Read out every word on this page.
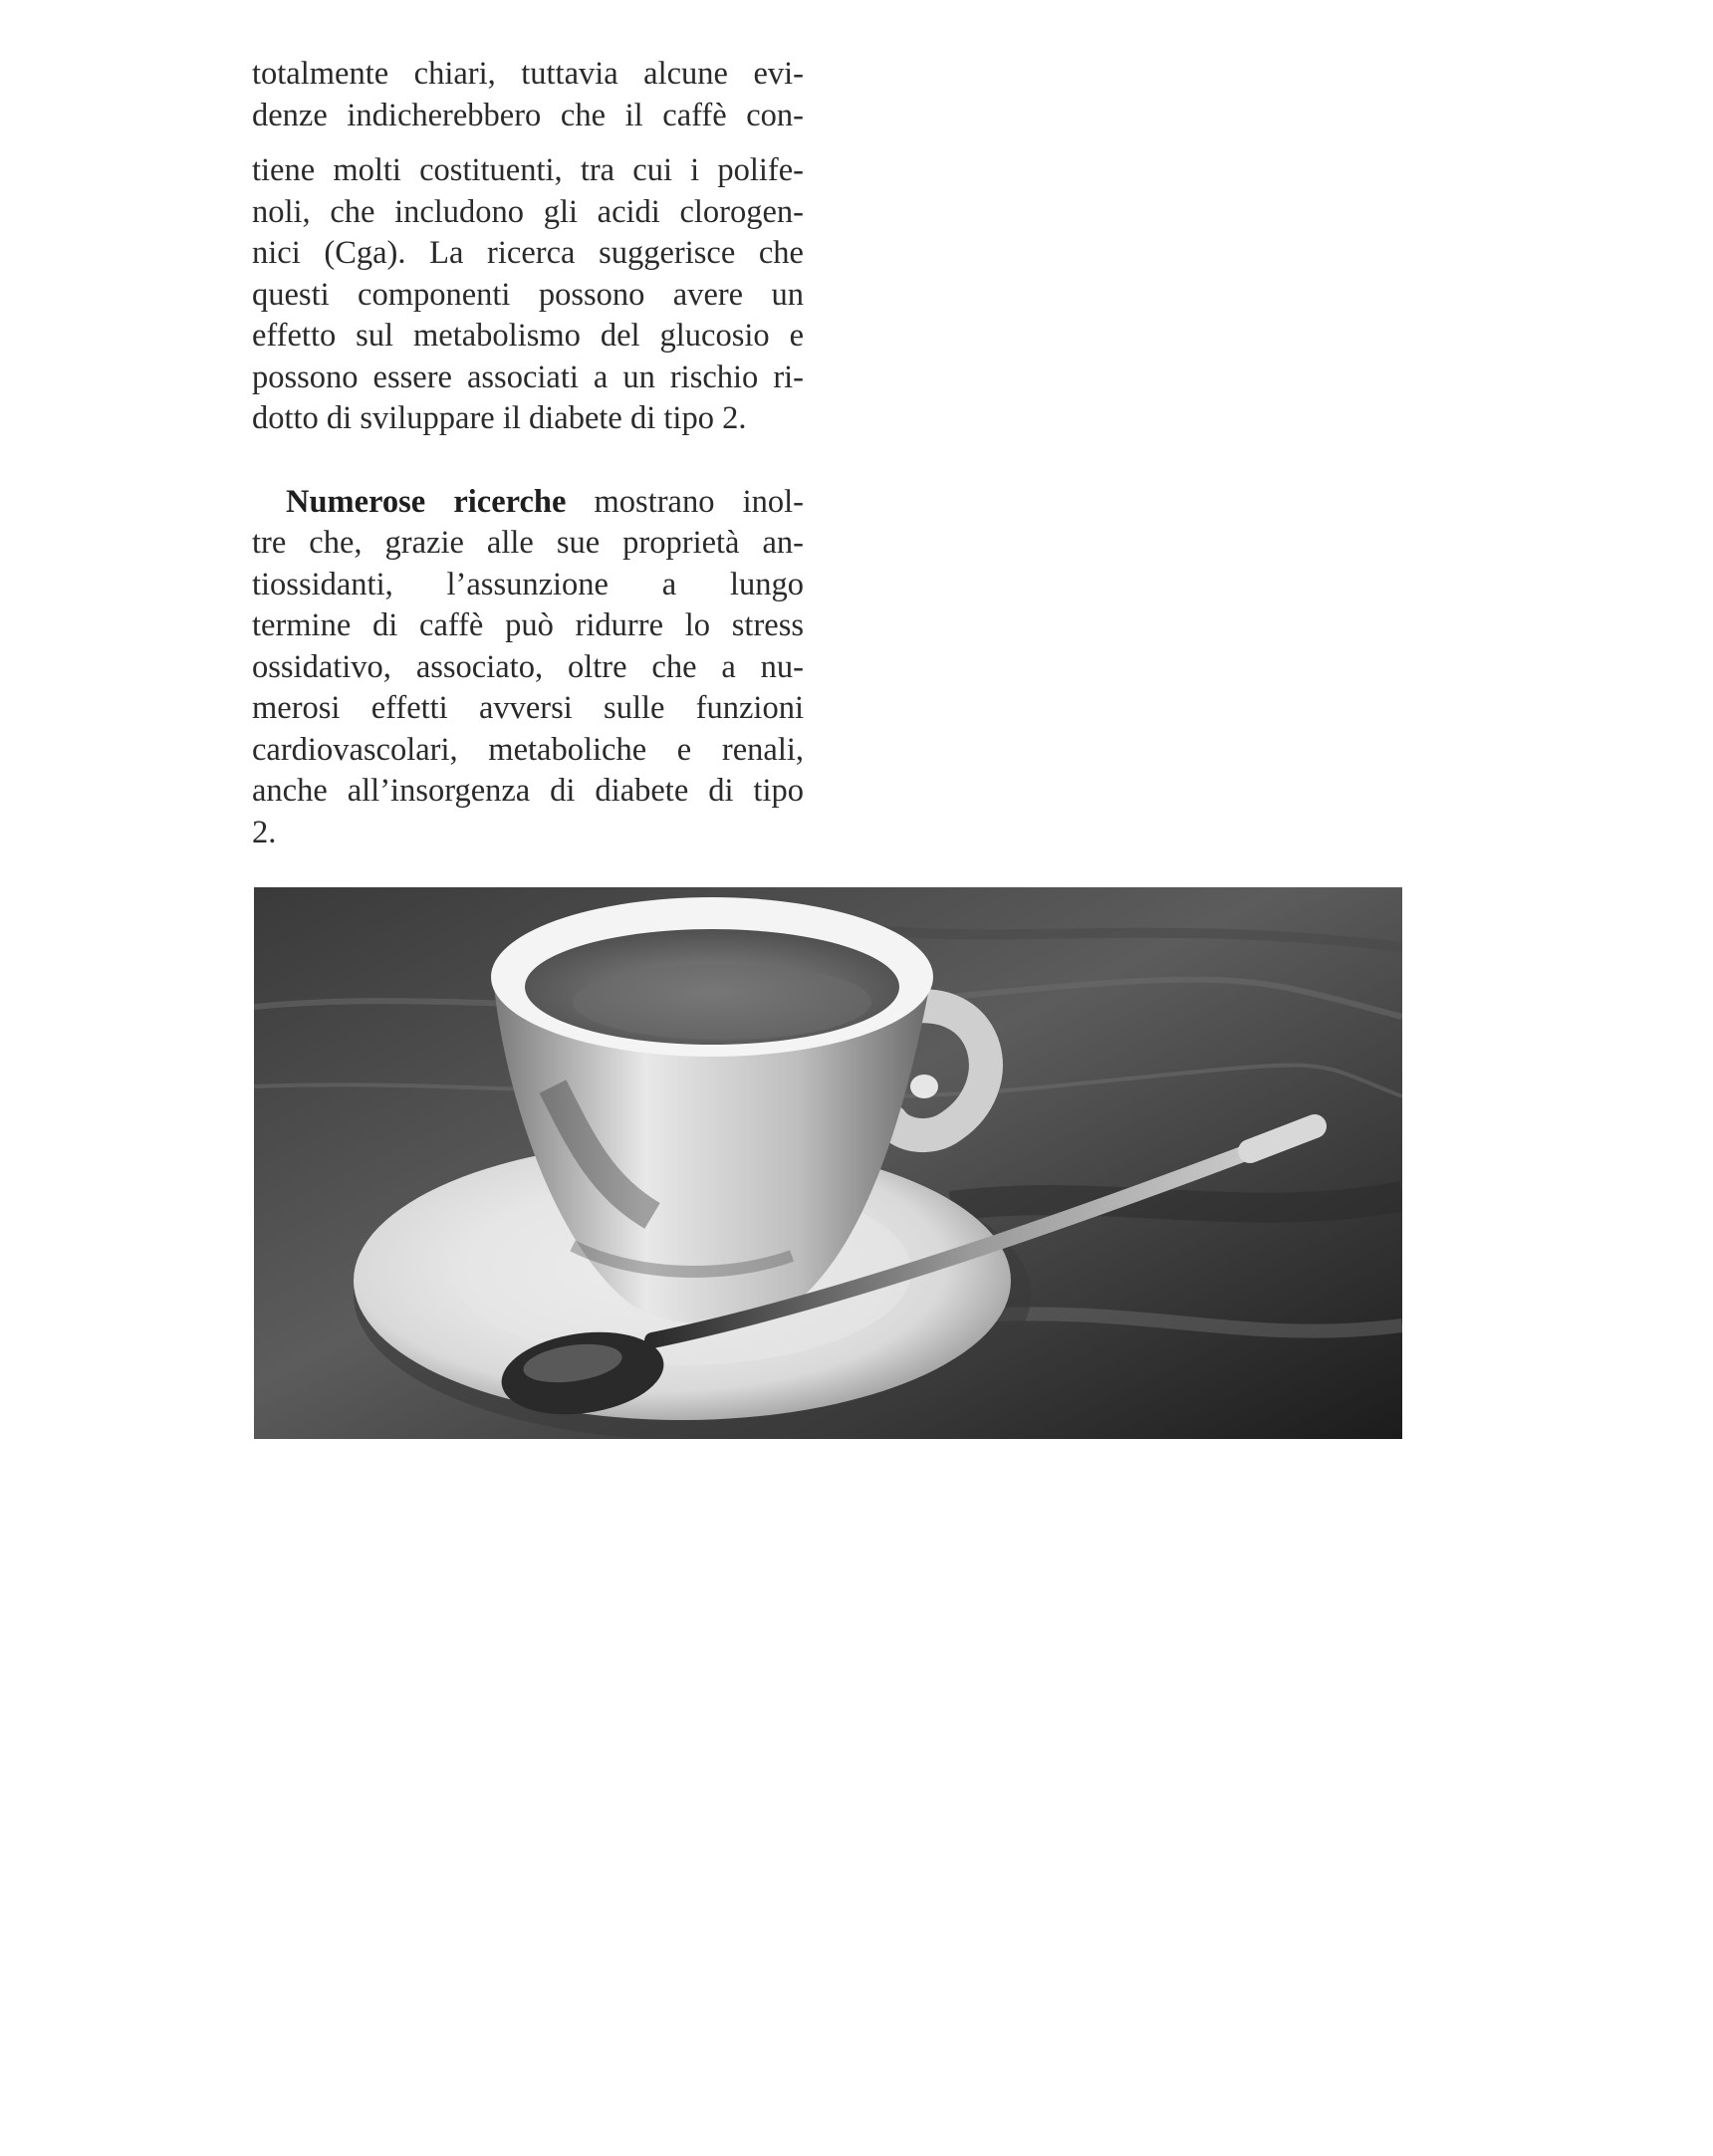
totalmente chiari, tuttavia alcune evi-
denze indicherebbero che il caffè con-
tiene molti costituenti, tra cui i polife-
noli, che includono gli acidi clorogen-
nici (Cga). La ricerca suggerisce che
questi componenti possono avere un
effetto sul metabolismo del glucosio e
possono essere associati a un rischio ri-
dotto di sviluppare il diabete di tipo 2.
Numerose ricerche mostrano inol-
tre che, grazie alle sue proprietà an-
tiossidanti, l’assunzione a lungo
termine di caffè può ridurre lo stress
ossidativo, associato, oltre che a nu-
merosi effetti avversi sulle funzioni
cardiovascolari, metaboliche e renali,
anche all’insorgenza di diabete di tipo
2.
